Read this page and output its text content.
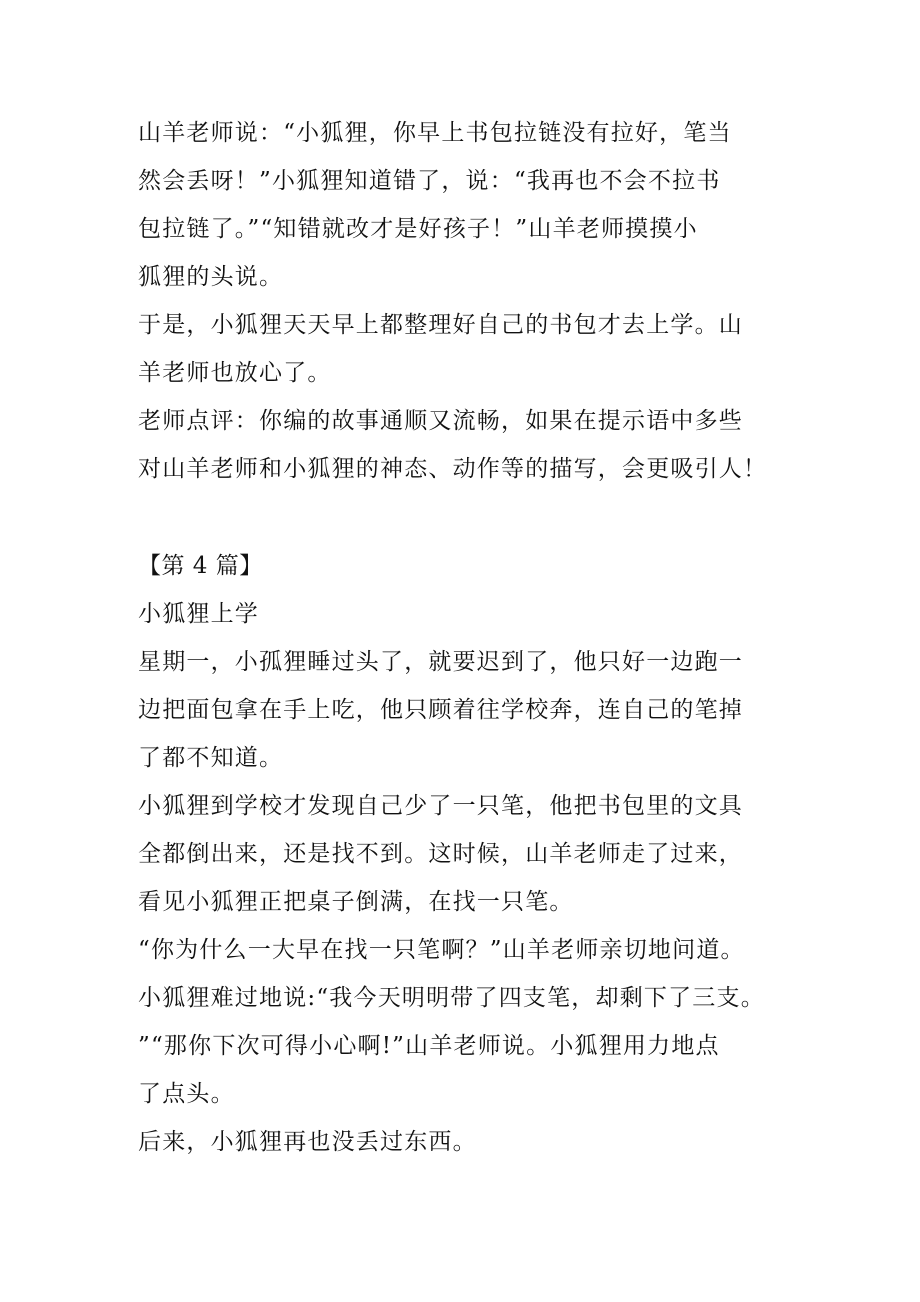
山羊老师说：“小狐狸，你早上书包拉链没有拉好，笔当
然会丢呀！”小狐狸知道错了，说：“我再也不会不拉书
包拉链了。”“知错就改才是好孩子！”山羊老师摸摸小
狐狸的头说。
于是，小狐狸天天早上都整理好自己的书包才去上学。山
羊老师也放心了。
老师点评：你编的故事通顺又流畅，如果在提示语中多些
对山羊老师和小狐狸的神态、动作等的描写，会更吸引人！
【第 4 篇】
小狐狸上学
星期一，小孤狸睡过头了，就要迟到了，他只好一边跑一
边把面包拿在手上吃，他只顾着往学校奔，连自己的笔掉
了都不知道。
小狐狸到学校才发现自己少了一只笔，他把书包里的文具
全都倒出来，还是找不到。这时候，山羊老师走了过来，
看见小狐狸正把桌子倒满，在找一只笔。
“你为什么一大早在找一只笔啊？”山羊老师亲切地问道。
小狐狸难过地说:“我今天明明带了四支笔，却剩下了三支。
”“那你下次可得小心啊!”山羊老师说。小狐狸用力地点
了点头。
后来，小狐狸再也没丢过东西。
